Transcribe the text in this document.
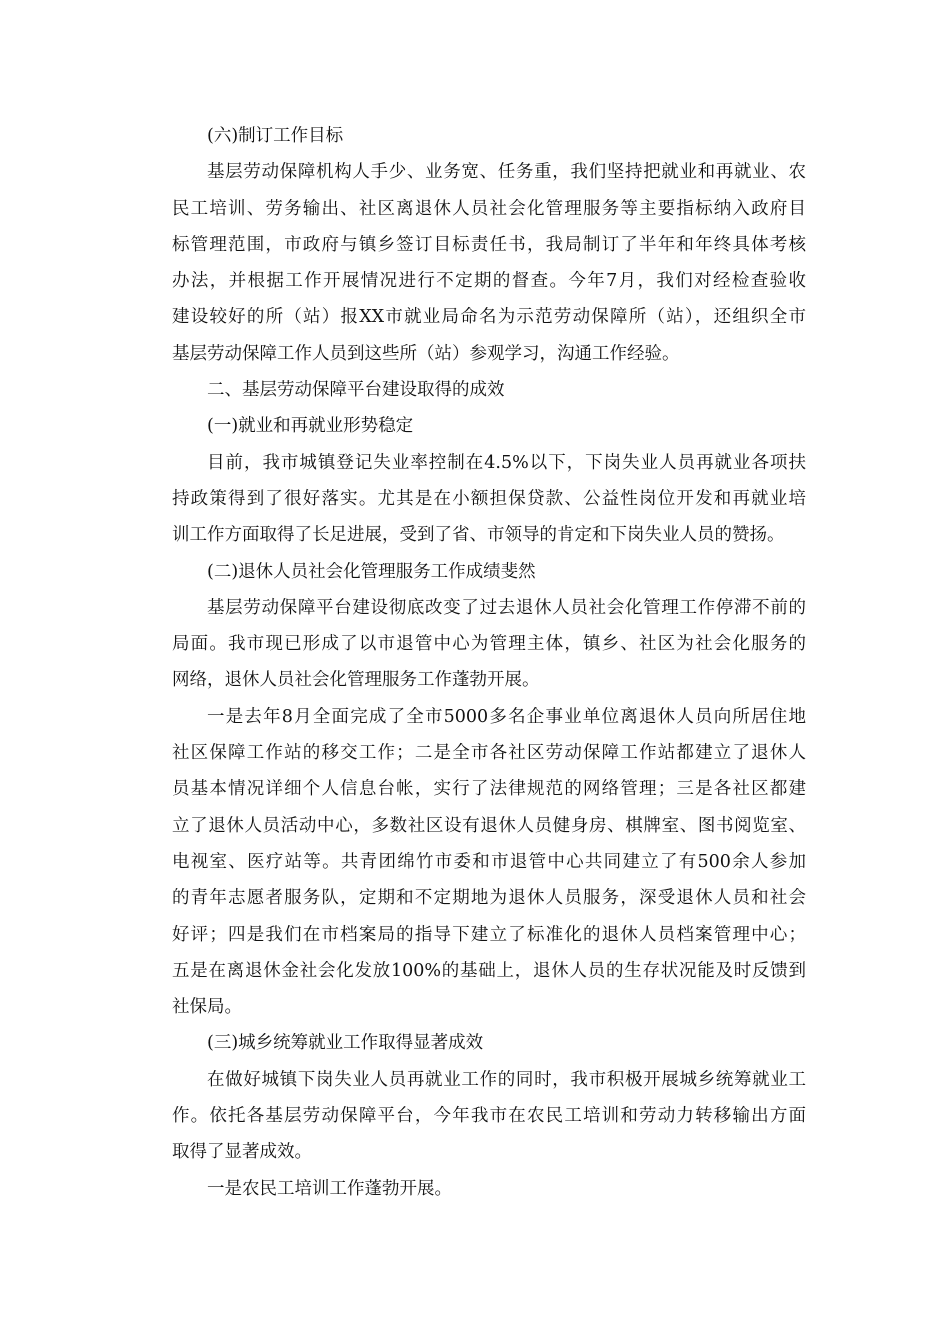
(六)制订工作目标
基层劳动保障机构人手少、业务宽、任务重，我们坚持把就业和再就业、农
民工培训、劳务输出、社区离退休人员社会化管理服务等主要指标纳入政府目
标管理范围，市政府与镇乡签订目标责任书，我局制订了半年和年终具体考核
办法，并根据工作开展情况进行不定期的督查。今年7月，我们对经检查验收
建设较好的所（站）报XX市就业局命名为示范劳动保障所（站），还组织全市
基层劳动保障工作人员到这些所（站）参观学习，沟通工作经验。
二、基层劳动保障平台建设取得的成效
(一)就业和再就业形势稳定
目前，我市城镇登记失业率控制在4.5%以下，下岗失业人员再就业各项扶
持政策得到了很好落实。尤其是在小额担保贷款、公益性岗位开发和再就业培
训工作方面取得了长足进展，受到了省、市领导的肯定和下岗失业人员的赞扬。
(二)退休人员社会化管理服务工作成绩斐然
基层劳动保障平台建设彻底改变了过去退休人员社会化管理工作停滞不前的
局面。我市现已形成了以市退管中心为管理主体，镇乡、社区为社会化服务的
网络，退休人员社会化管理服务工作蓬勃开展。
一是去年8月全面完成了全市5000多名企事业单位离退休人员向所居住地
社区保障工作站的移交工作；二是全市各社区劳动保障工作站都建立了退休人
员基本情况详细个人信息台帐，实行了法律规范的网络管理；三是各社区都建
立了退休人员活动中心，多数社区设有退休人员健身房、棋牌室、图书阅览室、
电视室、医疗站等。共青团绵竹市委和市退管中心共同建立了有500余人参加
的青年志愿者服务队，定期和不定期地为退休人员服务，深受退休人员和社会
好评；四是我们在市档案局的指导下建立了标准化的退休人员档案管理中心；
五是在离退休金社会化发放100%的基础上，退休人员的生存状况能及时反馈到
社保局。
(三)城乡统筹就业工作取得显著成效
在做好城镇下岗失业人员再就业工作的同时，我市积极开展城乡统筹就业工
作。依托各基层劳动保障平台，今年我市在农民工培训和劳动力转移输出方面
取得了显著成效。
一是农民工培训工作蓬勃开展。
